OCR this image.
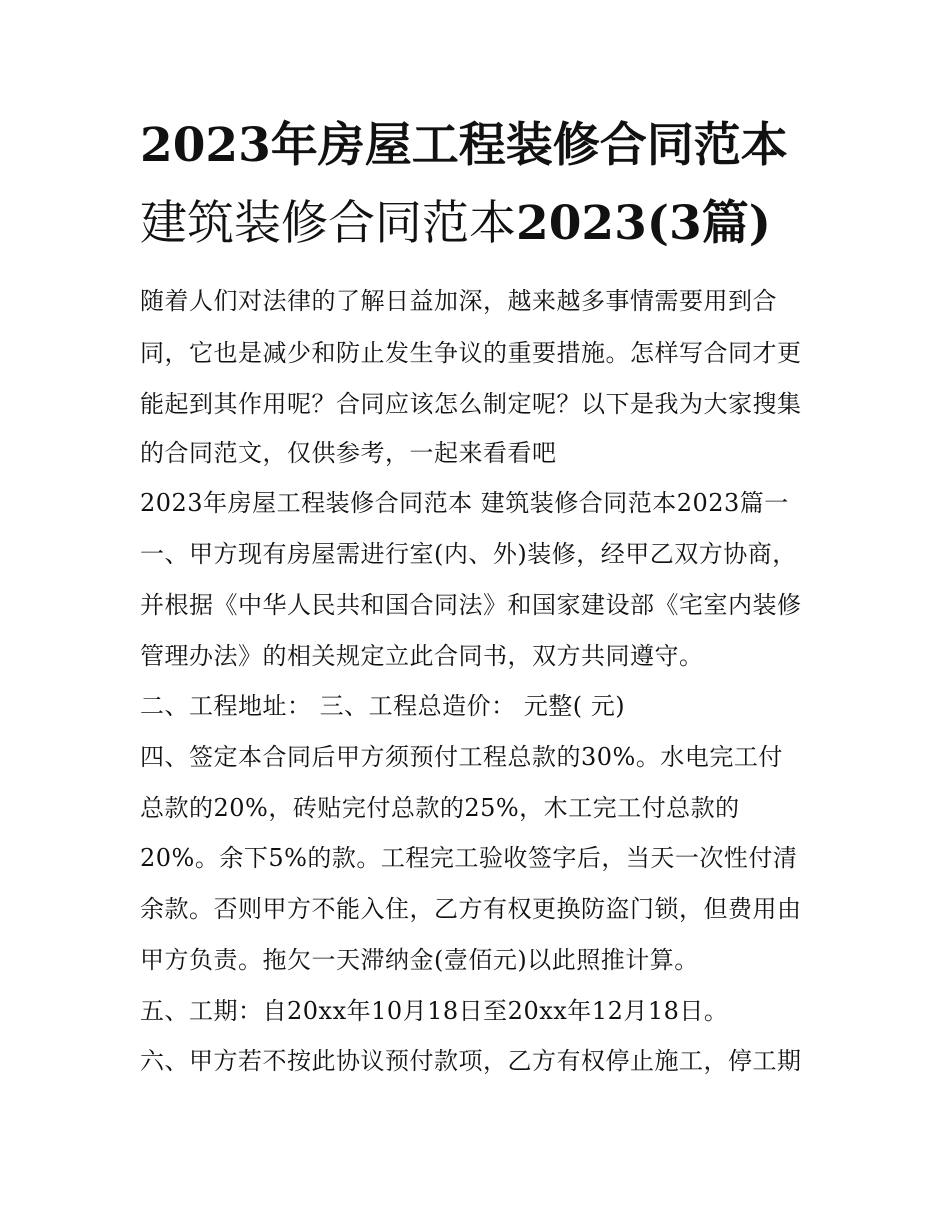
2023年房屋工程装修合同范本
建筑装修合同范本2023(3篇)
随着人们对法律的了解日益加深，越来越多事情需要用到合
同，它也是减少和防止发生争议的重要措施。怎样写合同才更
能起到其作用呢？合同应该怎么制定呢？以下是我为大家搜集
的合同范文，仅供参考，一起来看看吧
2023年房屋工程装修合同范本 建筑装修合同范本2023篇一
一、甲方现有房屋需进行室(内、外)装修，经甲乙双方协商，
并根据《中华人民共和国合同法》和国家建设部《宅室内装修
管理办法》的相关规定立此合同书，双方共同遵守。
二、工程地址： 三、工程总造价： 元整( 元)
四、签定本合同后甲方须预付工程总款的30%。水电完工付
总款的20%，砖贴完付总款的25%，木工完工付总款的
20%。余下5%的款。工程完工验收签字后，当天一次性付清
余款。否则甲方不能入住，乙方有权更换防盗门锁，但费用由
甲方负责。拖欠一天滞纳金(壹佰元)以此照推计算。
五、工期：自20xx年10月18日至20xx年12月18日。
六、甲方若不按此协议预付款项，乙方有权停止施工，停工期
